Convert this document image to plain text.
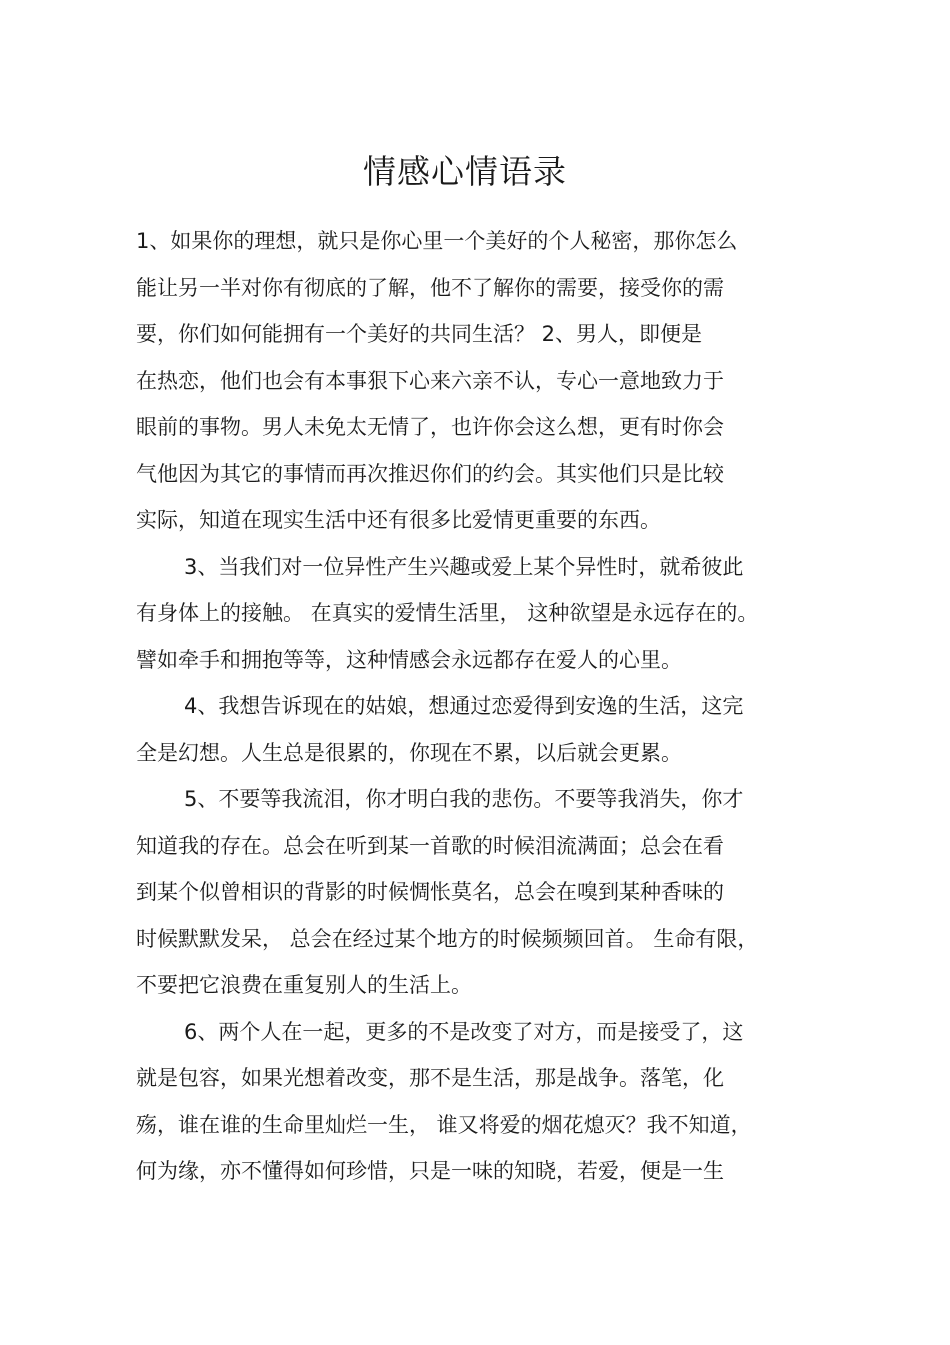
情感心情语录
1、如果你的理想，就只是你心里一个美好的个人秘密，那你怎么
能让另一半对你有彻底的了解，他不了解你的需要，接受你的需
要，你们如何能拥有一个美好的共同生活？ 2、男人，即便是
在热恋，他们也会有本事狠下心来六亲不认，专心一意地致力于
眼前的事物。男人未免太无情了，也许你会这么想，更有时你会
气他因为其它的事情而再次推迟你们的约会。其实他们只是比较
实际，知道在现实生活中还有很多比爱情更重要的东西。
3、当我们对一位异性产生兴趣或爱上某个异性时，就希彼此
有身体上的接触。 在真实的爱情生活里， 这种欲望是永远存在的。
譬如牵手和拥抱等等，这种情感会永远都存在爱人的心里。
4、我想告诉现在的姑娘，想通过恋爱得到安逸的生活，这完
全是幻想。人生总是很累的，你现在不累，以后就会更累。
5、不要等我流泪，你才明白我的悲伤。不要等我消失，你才
知道我的存在。总会在听到某一首歌的时候泪流满面；总会在看
到某个似曾相识的背影的时候惆怅莫名，总会在嗅到某种香味的
时候默默发呆， 总会在经过某个地方的时候频频回首。 生命有限，
不要把它浪费在重复别人的生活上。
6、两个人在一起，更多的不是改变了对方，而是接受了，这
就是包容，如果光想着改变，那不是生活，那是战争。落笔，化
殇，谁在谁的生命里灿烂一生， 谁又将爱的烟花熄灭？我不知道，
何为缘，亦不懂得如何珍惜，只是一味的知晓，若爱，便是一生
